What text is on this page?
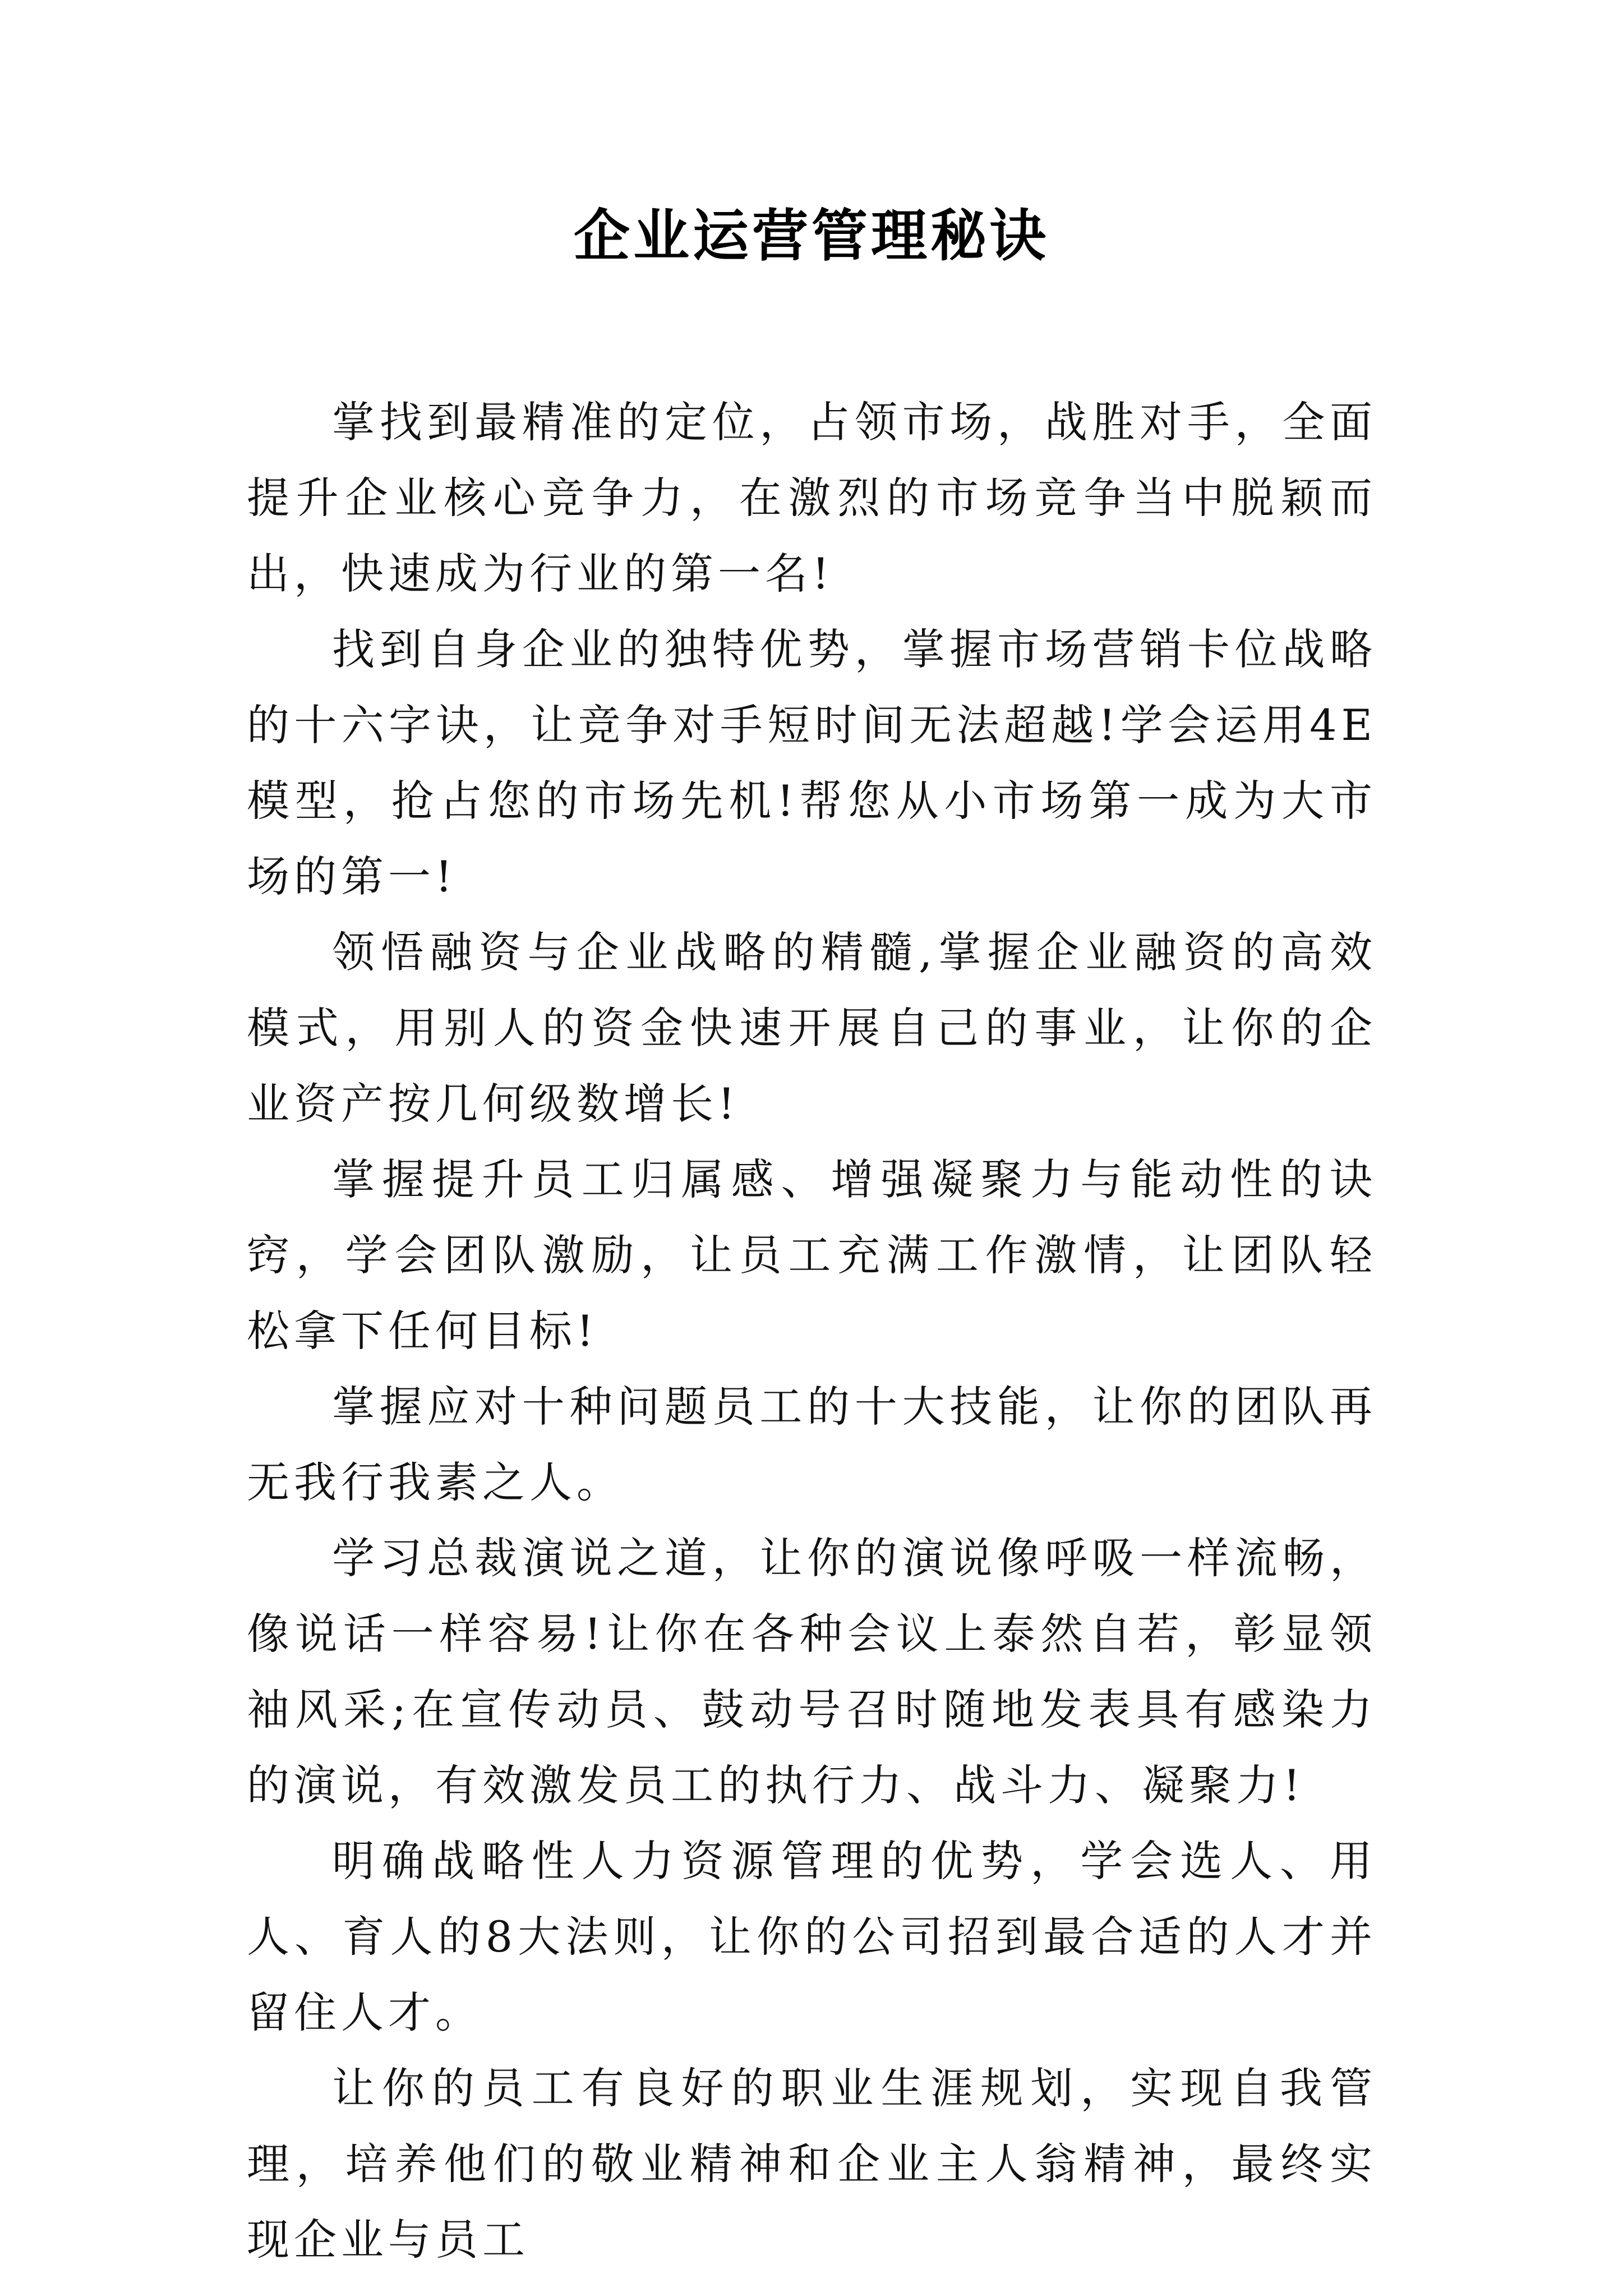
企业运营管理秘诀

掌找到最精准的定位，占领市场，战胜对手，全面提升企业核心竞争力，在激烈的市场竞争当中脱颖而出，快速成为行业的第一名!

找到自身企业的独特优势，掌握市场营销卡位战略的十六字诀，让竞争对手短时间无法超越!学会运用4E模型，抢占您的市场先机!帮您从小市场第一成为大市场的第一!

领悟融资与企业战略的精髓,掌握企业融资的高效模式，用别人的资金快速开展自己的事业，让你的企业资产按几何级数增长!

掌握提升员工归属感、增强凝聚力与能动性的诀窍，学会团队激励，让员工充满工作激情，让团队轻松拿下任何目标!

掌握应对十种问题员工的十大技能，让你的团队再无我行我素之人。

学习总裁演说之道，让你的演说像呼吸一样流畅，像说话一样容易!让你在各种会议上泰然自若，彰显领袖风采;在宣传动员、鼓动号召时随地发表具有感染力的演说，有效激发员工的执行力、战斗力、凝聚力!

明确战略性人力资源管理的优势，学会选人、用人、育人的8大法则，让你的公司招到最合适的人才并留住人才。

让你的员工有良好的职业生涯规划，实现自我管理，培养他们的敬业精神和企业主人翁精神，最终实现企业与员工
